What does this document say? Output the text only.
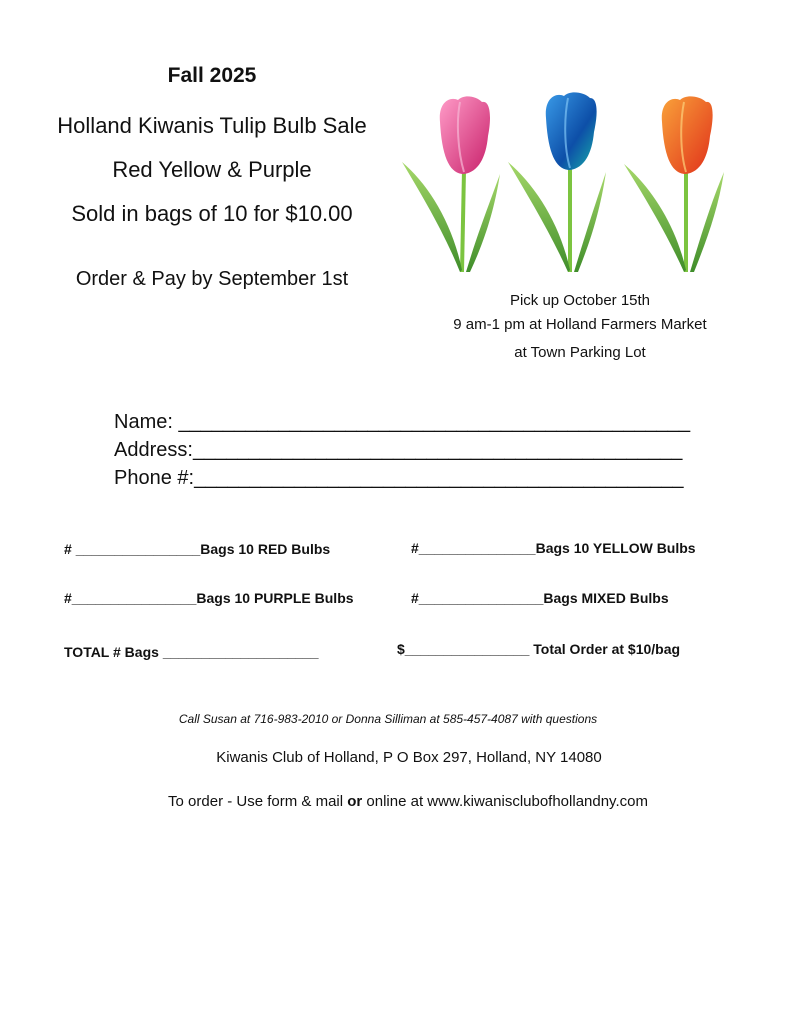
Fall 2025
Holland Kiwanis Tulip Bulb Sale
Red Yellow & Purple
Sold in bags of 10 for $10.00
Order & Pay by September 1st
Pick up October 15th
9 am-1 pm at Holland Farmers Market
at Town Parking Lot
Name: ______________________________________________
Address:____________________________________________
Phone #:____________________________________________
# ________________Bags 10 RED Bulbs	#_______________Bags 10 YELLOW Bulbs
#________________Bags 10 PURPLE Bulbs	#________________Bags MIXED Bulbs
TOTAL # Bags ____________________	$________________ Total Order at $10/bag
Call Susan at 716-983-2010 or Donna Silliman at 585-457-4087 with questions
Kiwanis Club of Holland, P O Box 297, Holland, NY 14080
To order - Use form & mail or online at www.kiwanisclubofhollandny.com
